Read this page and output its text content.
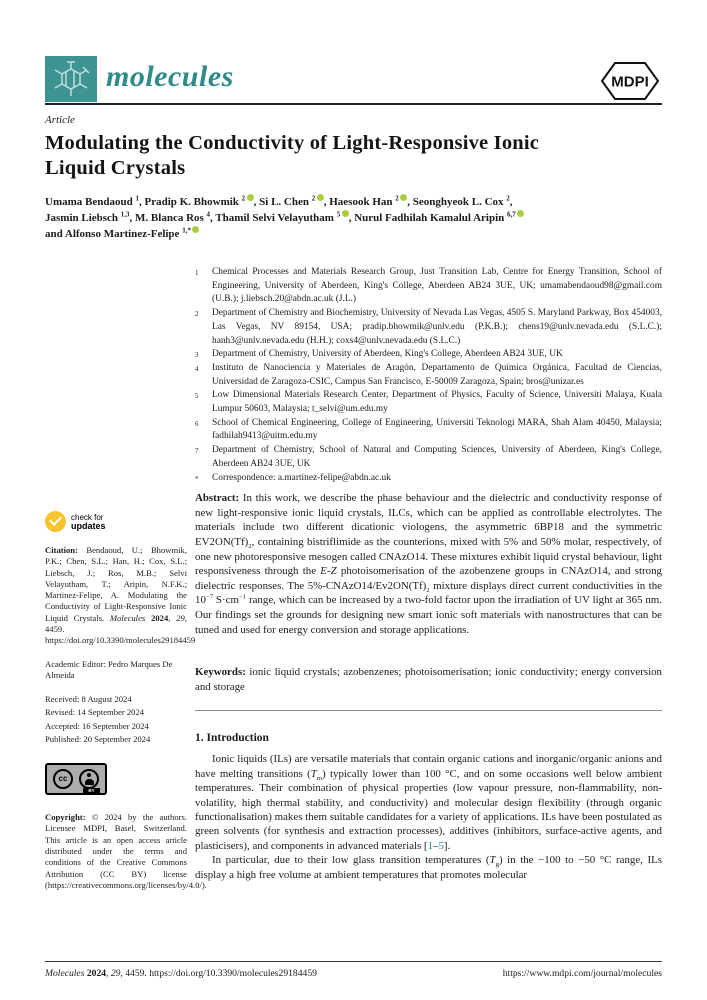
molecules	MDPI
Article
Modulating the Conductivity of Light-Responsive Ionic
Liquid Crystals
Umama Bendaoud $^1$, Pradip K. Bhowmik $^2$ , Si L. Chen $^2$ , Haesook Han $^2$ , Seonghyeok L. Cox $^2$,
Jasmin Liebsch $^{1,3}$, M. Blanca Ros $^4$, Thamil Selvi Velayutham $^5$ , Nurul Fadhilah Kamalul Aripin $^{6,7}$
and Alfonso Martinez-Felipe $^{1,*}$
1	Chemical Processes and Materials Research Group, Just Transition Lab, Centre for Energy Transition, School of Engineering, University of Aberdeen, King's College, Aberdeen AB24 3UE, UK; umamabendaoud98@gmail.com (U.B.); j.liebsch.20@abdn.ac.uk (J.L.)
2	Department of Chemistry and Biochemistry, University of Nevada Las Vegas, 4505 S. Maryland Parkway, Box 454003, Las Vegas, NV 89154, USA; pradip.bhowmik@unlv.edu (P.K.B.); chens19@unlv.nevada.edu (S.L.C.); hanh3@unlv.nevada.edu (H.H.); coxs4@unlv.nevada.edu (S.L.C.)
3	Department of Chemistry, University of Aberdeen, King's College, Aberdeen AB24 3UE, UK
4	Instituto de Nanociencia y Materiales de Aragón, Departamento de Química Orgánica, Facultad de Ciencias, Universidad de Zaragoza-CSIC, Campus San Francisco, E-50009 Zaragoza, Spain; bros@unizar.es
5	Low Dimensional Materials Research Center, Department of Physics, Faculty of Science, Universiti Malaya, Kuala Lumpur 50603, Malaysia; t_selvi@um.edu.my
6	School of Chemical Engineering, College of Engineering, Universiti Teknologi MARA, Shah Alam 40450, Malaysia; fadhilah9413@uitm.edu.my
7	Department of Chemistry, School of Natural and Computing Sciences, University of Aberdeen, King's College, Aberdeen AB24 3UE, UK
*	Correspondence: a.martinez-felipe@abdn.ac.uk

Abstract: In this work, we describe the phase behaviour and the dielectric and conductivity response of new light-responsive ionic liquid crystals, ILCs, which can be applied as controllable electrolytes. The materials include two different dicationic viologens, the asymmetric 6BP18 and the symmetric $EV2ON(Tf)_2$, containing bistriflimide as the counterions, mixed with 5% and 50% molar, respectively, of one new photoresponsive mesogen called CNAzO14. These mixtures exhibit liquid crystal behaviour, light responsiveness through the E-Z photoisomerisation of the azobenzene groups in CNAzO14, and strong dielectric responses. The $5\%-CNAzO14/Ev2ON(Tf)_2$ mixture displays direct current conductivities in the $10^{-7}$ $S\cdot cm^{-1}$ range, which can be increased by a two-fold factor upon the irradiation of UV light at 365 nm. Our findings set the grounds for designing new smart ionic soft materials with nanostructures that can be tuned and used for energy conversion and storage applications.

Keywords: ionic liquid crystals; azobenzenes; photoisomerisation; ionic conductivity; energy conversion and storage

1. Introduction

Ionic liquids (ILs) are versatile materials that contain organic cations and inorganic/organic anions and have melting transitions $(T_m)$ typically lower than 100 °C, and on some occasions well below ambient temperatures. Their combination of physical properties (low vapour pressure, non-flammability, non-volatility, high thermal stability, and conductivity) and molecular design flexibility (through organic functionalisation) makes them suitable candidates for a variety of applications. ILs have been postulated as green solvents (for synthesis and extraction processes), additives (inhibitors, surface-active agents, and plasticisers), and components in advanced materials [1–5].

In particular, due to their low glass transition temperatures $(T_g)$ in the −100 to −50 °C range, ILs display a high free volume at ambient temperatures that promotes molecular

check for
updates

Citation: Bendaoud, U.; Bhowmik, P.K.; Chen, S.L.; Han, H.; Cox, S.L.; Liebsch, J.; Ros, M.B.; Selvi Velayutham, T.; Aripin, N.F.K.; Martinez-Felipe, A. Modulating the Conductivity of Light-Responsive Ionic Liquid Crystals. Molecules 2024, 29, 4459. https://doi.org/10.3390/molecules29184459

Academic Editor: Pedro Marques De Almeida

Received: 8 August 2024
Revised: 14 September 2024
Accepted: 16 September 2024
Published: 20 September 2024

cc
BY

Copyright: © 2024 by the authors. Licensee MDPI, Basel, Switzerland. This article is an open access article distributed under the terms and conditions of the Creative Commons Attribution (CC BY) license (https://creativecommons.org/licenses/by/4.0/).

Molecules 2024, 29, 4459. https://doi.org/10.3390/molecules29184459	https://www.mdpi.com/journal/molecules
